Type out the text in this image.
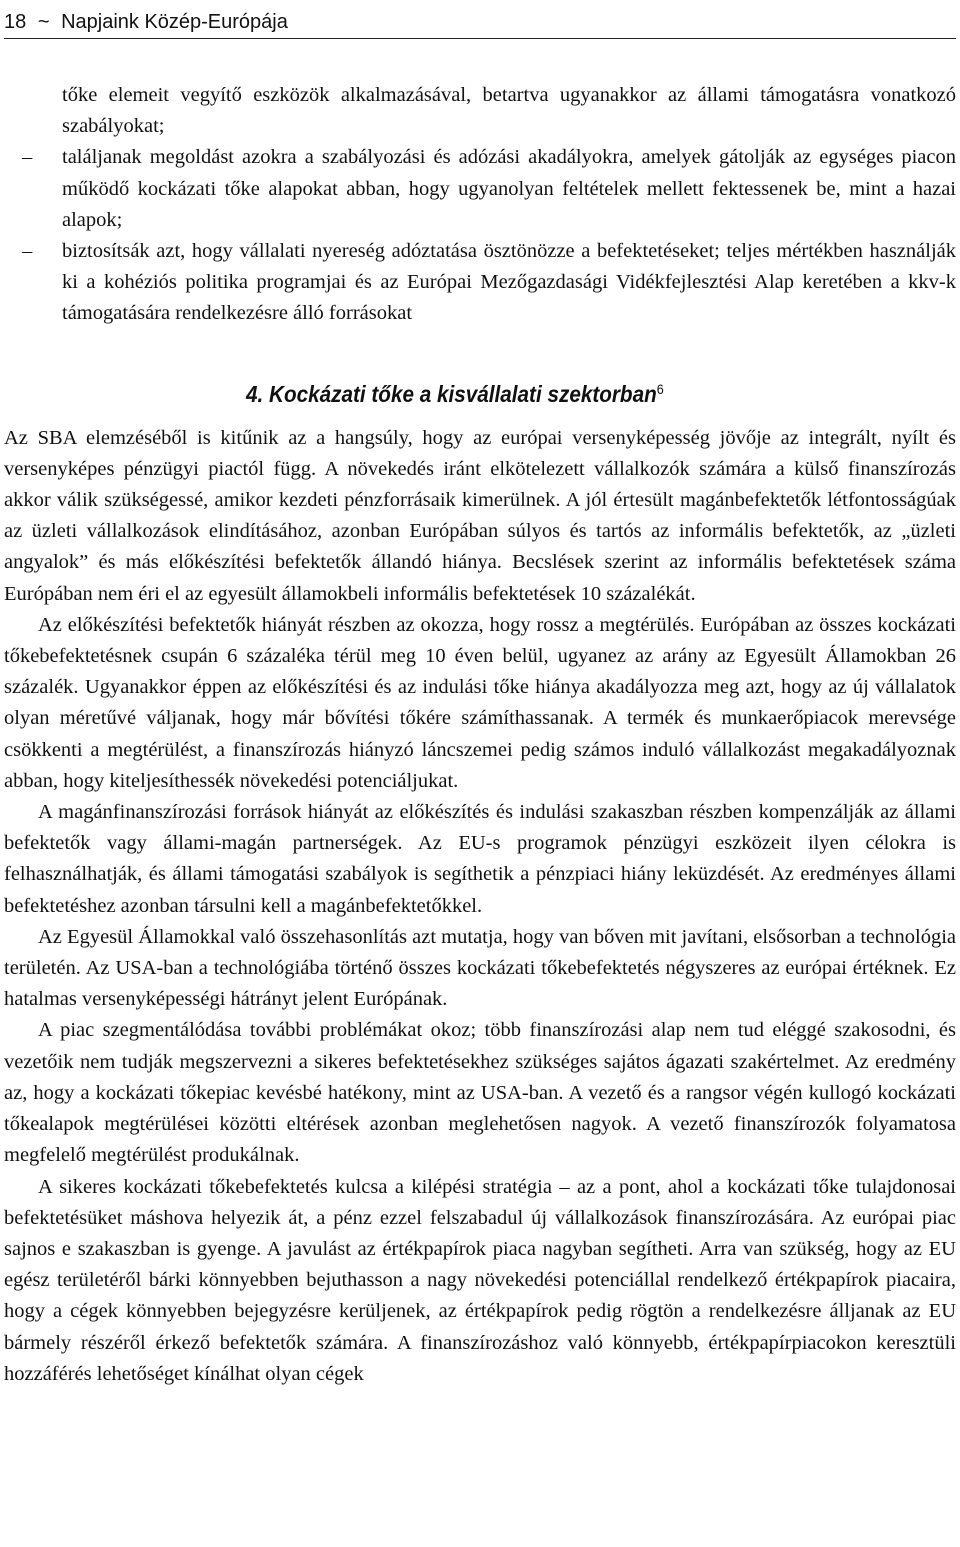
18 ~ Napjaink Közép-Európája
tőke elemeit vegyítő eszközök alkalmazásával, betartva ugyanakkor az állami támogatásra vonatkozó szabályokat;
– találjanak megoldást azokra a szabályozási és adózási akadályokra, amelyek gátolják az egységes piacon működő kockázati tőke alapokat abban, hogy ugyanolyan feltételek mellett fektessenek be, mint a hazai alapok;
– biztosítsák azt, hogy vállalati nyereség adóztatása ösztönözze a befektetéseket; teljes mértékben használják ki a kohéziós politika programjai és az Európai Mezőgazdasági Vidékfejlesztési Alap keretében a kkv-k támogatására rendelkezésre álló forrásokat
4. Kockázati tőke a kisvállalati szektorban$^6$

Az SBA elemzéséből is kitűnik az a hangsúly, hogy az európai versenyképesség jövője az integrált, nyílt és versenyképes pénzügyi piactól függ. A növekedés iránt elkötelezett vállalkozók számára a külső finanszírozás akkor válik szükségessé, amikor kezdeti pénzforrásaik kimerülnek. A jól értesült magánbefektetők létfontosságúak az üzleti vállalkozások elindításához, azonban Európában súlyos és tartós az informális befektetők, az „üzleti angyalok” és más előkészítési befektetők állandó hiánya. Becslések szerint az informális befektetések száma Európában nem éri el az egyesült államokbeli informális befektetések 10 százalékát.

Az előkészítési befektetők hiányát részben az okozza, hogy rossz a megtérülés. Európában az összes kockázati tőkebefektetésnek csupán 6 százaléka térül meg 10 éven belül, ugyanez az arány az Egyesült Államokban 26 százalék. Ugyanakkor éppen az előkészítési és az indulási tőke hiánya akadályozza meg azt, hogy az új vállalatok olyan méretűvé váljanak, hogy már bővítési tőkére számíthassanak. A termék és munkaerőpiacok merevsége csökkenti a megtérülést, a finanszírozás hiányzó láncszemei pedig számos induló vállalkozást megakadályoznak abban, hogy kiteljesíthessék növekedési potenciáljukat.

A magánfinanszírozási források hiányát az előkészítés és indulási szakaszban részben kompenzálják az állami befektetők vagy állami-magán partnerségek. Az EU-s programok pénzügyi eszközeit ilyen célokra is felhasználhatják, és állami támogatási szabályok is segíthetik a pénzpiaci hiány leküzdését. Az eredményes állami befektetéshez azonban társulni kell a magánbefektetőkkel.

Az Egyesül Államokkal való összehasonlítás azt mutatja, hogy van bőven mit javítani, elsősorban a technológia területén. Az USA-ban a technológiába történő összes kockázati tőkebefektetés négyszeres az európai értéknek. Ez hatalmas versenyképességi hátrányt jelent Európának.

A piac szegmentálódása további problémákat okoz; több finanszírozási alap nem tud eléggé szakosodni, és vezetőik nem tudják megszervezni a sikeres befektetésekhez szükséges sajátos ágazati szakértelmet. Az eredmény az, hogy a kockázati tőkepiac kevésbé hatékony, mint az USA-ban. A vezető és a rangsor végén kullogó kockázati tőkealapok megtérülései közötti eltérések azonban meglehetősen nagyok. A vezető finanszírozók folyamatosa megfelelő megtérülést produkálnak.

A sikeres kockázati tőkebefektetés kulcsa a kilépési stratégia – az a pont, ahol a kockázati tőke tulajdonosai befektetésüket máshova helyezik át, a pénz ezzel felszabadul új vállalkozások finanszírozására. Az európai piac sajnos e szakaszban is gyenge. A javulást az értékpapírok piaca nagyban segítheti. Arra van szükség, hogy az EU egész területéről bárki könnyebben bejuthasson a nagy növekedési potenciállal rendelkező értékpapírok piacaira, hogy a cégek könnyebben bejegyzésre kerüljenek, az értékpapírok pedig rögtön a rendelkezésre álljanak az EU bármely részéről érkező befektetők számára. A finanszírozáshoz való könnyebb, értékpapírpiacokon keresztüli hozzáférés lehetőséget kínálhat olyan cégek
